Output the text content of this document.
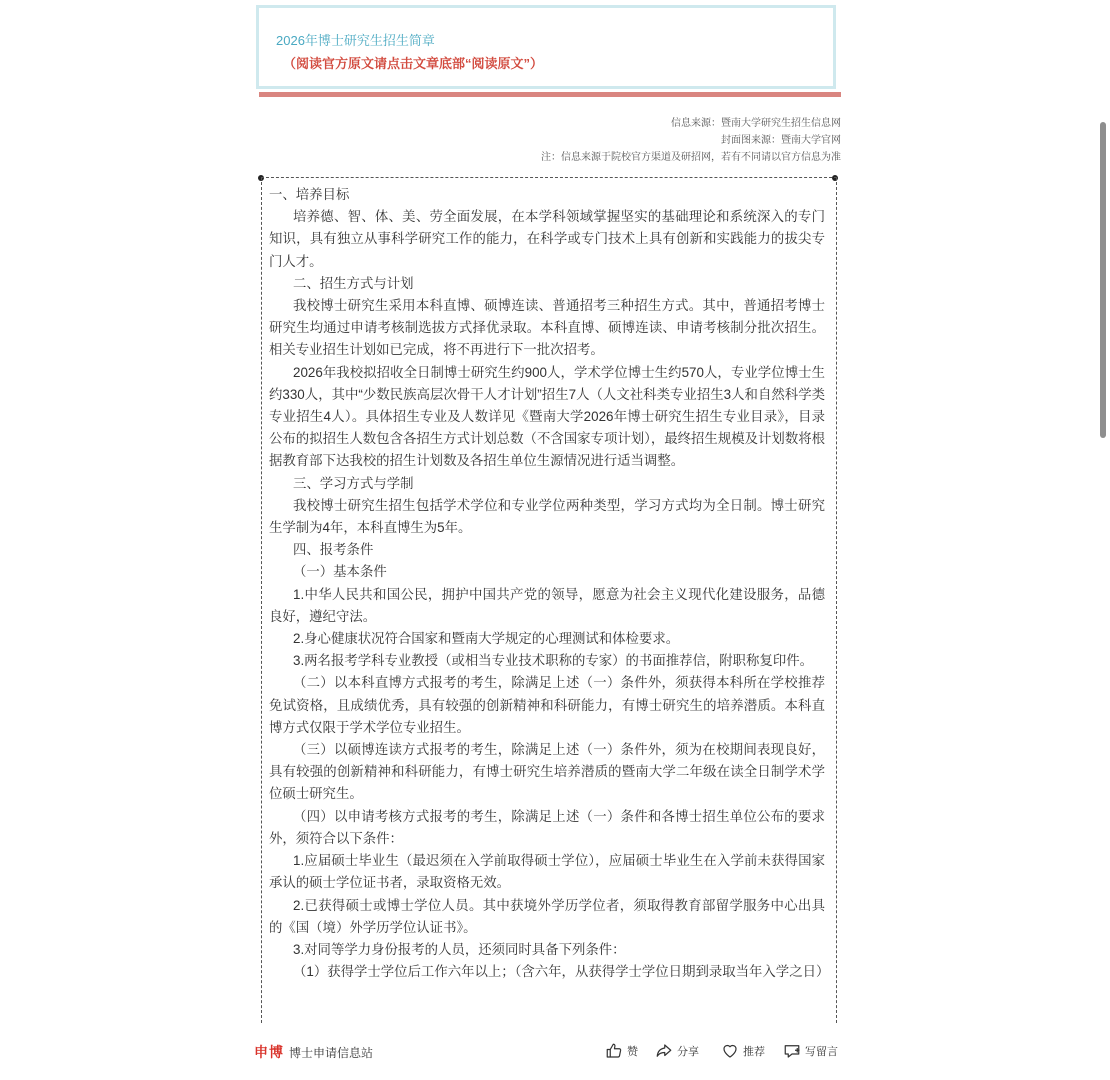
2026年博士研究生招生简章
（阅读官方原文请点击文章底部“阅读原文”）
信息来源：暨南大学研究生招生信息网
封面图来源：暨南大学官网
注：信息来源于院校官方渠道及研招网，若有不同请以官方信息为准

一、培养目标

培养德、智、体、美、劳全面发展，在本学科领域掌握坚实的基础理论和系统深入的专门知识，具有独立从事科学研究工作的能力，在科学或专门技术上具有创新和实践能力的拔尖专门人才。

二、招生方式与计划

我校博士研究生采用本科直博、硕博连读、普通招考三种招生方式。其中，普通招考博士研究生均通过申请考核制选拔方式择优录取。本科直博、硕博连读、申请考核制分批次招生。相关专业招生计划如已完成，将不再进行下一批次招考。

2026年我校拟招收全日制博士研究生约900人，学术学位博士生约570人，专业学位博士生约330人，其中“少数民族高层次骨干人才计划”招生7人（人文社科类专业招生3人和自然科学类专业招生4人）。具体招生专业及人数详见《暨南大学2026年博士研究生招生专业目录》，目录公布的拟招生人数包含各招生方式计划总数（不含国家专项计划），最终招生规模及计划数将根据教育部下达我校的招生计划数及各招生单位生源情况进行适当调整。

三、学习方式与学制

我校博士研究生招生包括学术学位和专业学位两种类型，学习方式均为全日制。博士研究生学制为4年，本科直博生为5年。

四、报考条件

（一）基本条件

1.中华人民共和国公民，拥护中国共产党的领导，愿意为社会主义现代化建设服务，品德良好，遵纪守法。

2.身心健康状况符合国家和暨南大学规定的心理测试和体检要求。

3.两名报考学科专业教授（或相当专业技术职称的专家）的书面推荐信，附职称复印件。

（二）以本科直博方式报考的考生，除满足上述（一）条件外，须获得本科所在学校推荐免试资格，且成绩优秀，具有较强的创新精神和科研能力，有博士研究生的培养潜质。本科直博方式仅限于学术学位专业招生。

（三）以硕博连读方式报考的考生，除满足上述（一）条件外，须为在校期间表现良好，具有较强的创新精神和科研能力，有博士研究生培养潜质的暨南大学二年级在读全日制学术学位硕士研究生。

（四）以申请考核方式报考的考生，除满足上述（一）条件和各博士招生单位公布的要求外，须符合以下条件：

1.应届硕士毕业生（最迟须在入学前取得硕士学位），应届硕士毕业生在入学前未获得国家承认的硕士学位证书者，录取资格无效。

2.已获得硕士或博士学位人员。其中获境外学历学位者，须取得教育部留学服务中心出具的《国（境）外学历学位认证书》。

3.对同等学力身份报考的人员，还须同时具备下列条件：

（1）获得学士学位后工作六年以上；（含六年，从获得学士学位日期到录取当年入学之日）

申博 博士申请信息站	赞	分享	推荐	写留言
